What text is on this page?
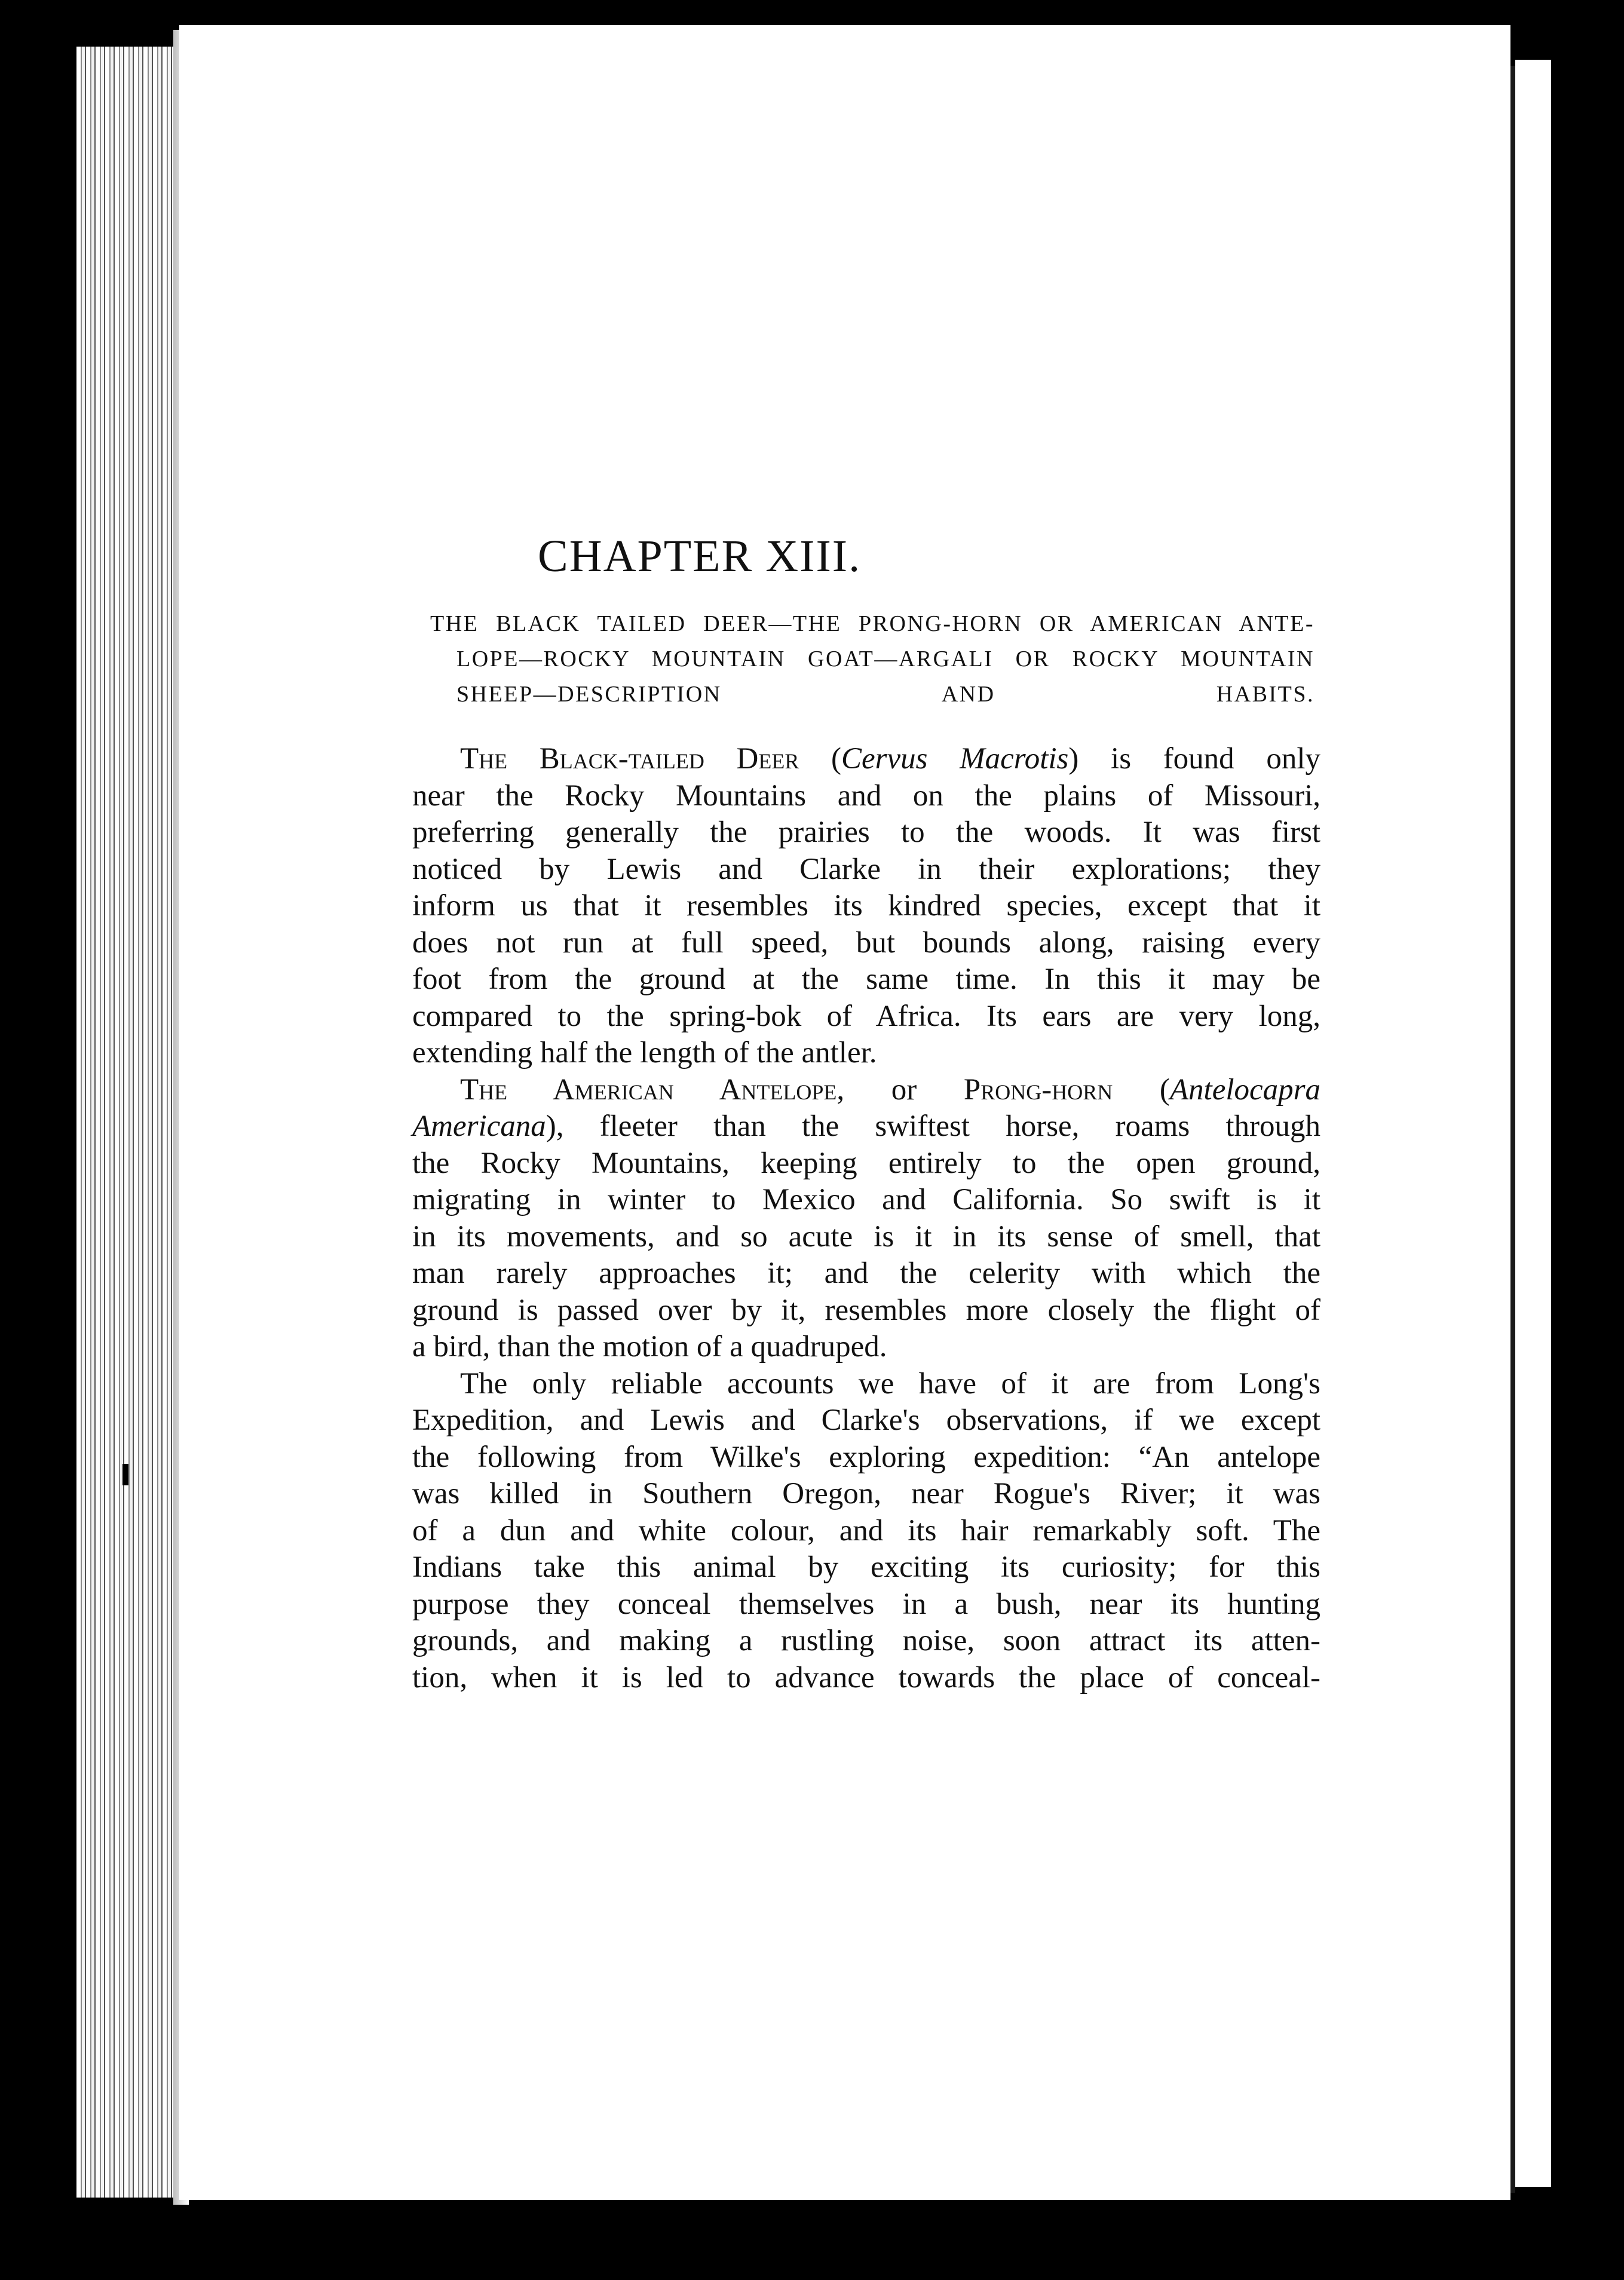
CHAPTER XIII.
THE BLACK TAILED DEER—THE PRONG-HORN OR AMERICAN ANTE-
LOPE—ROCKY MOUNTAIN GOAT—ARGALI OR ROCKY MOUNTAIN
SHEEP—DESCRIPTION AND HABITS.
The Black-tailed Deer (Cervus Macrotis) is found only
near the Rocky Mountains and on the plains of Missouri,
preferring generally the prairies to the woods. It was first
noticed by Lewis and Clarke in their explorations; they
inform us that it resembles its kindred species, except that it
does not run at full speed, but bounds along, raising every
foot from the ground at the same time. In this it may be
compared to the spring-bok of Africa. Its ears are very long,
extending half the length of the antler.
The American Antelope, or Prong-horn (Antelocapra
Americana), fleeter than the swiftest horse, roams through
the Rocky Mountains, keeping entirely to the open ground,
migrating in winter to Mexico and California. So swift is it
in its movements, and so acute is it in its sense of smell, that
man rarely approaches it; and the celerity with which the
ground is passed over by it, resembles more closely the flight of
a bird, than the motion of a quadruped.
The only reliable accounts we have of it are from Long's
Expedition, and Lewis and Clarke's observations, if we except
the following from Wilke's exploring expedition: “An antelope
was killed in Southern Oregon, near Rogue's River; it was
of a dun and white colour, and its hair remarkably soft. The
Indians take this animal by exciting its curiosity; for this
purpose they conceal themselves in a bush, near its hunting
grounds, and making a rustling noise, soon attract its atten-
tion, when it is led to advance towards the place of conceal-
